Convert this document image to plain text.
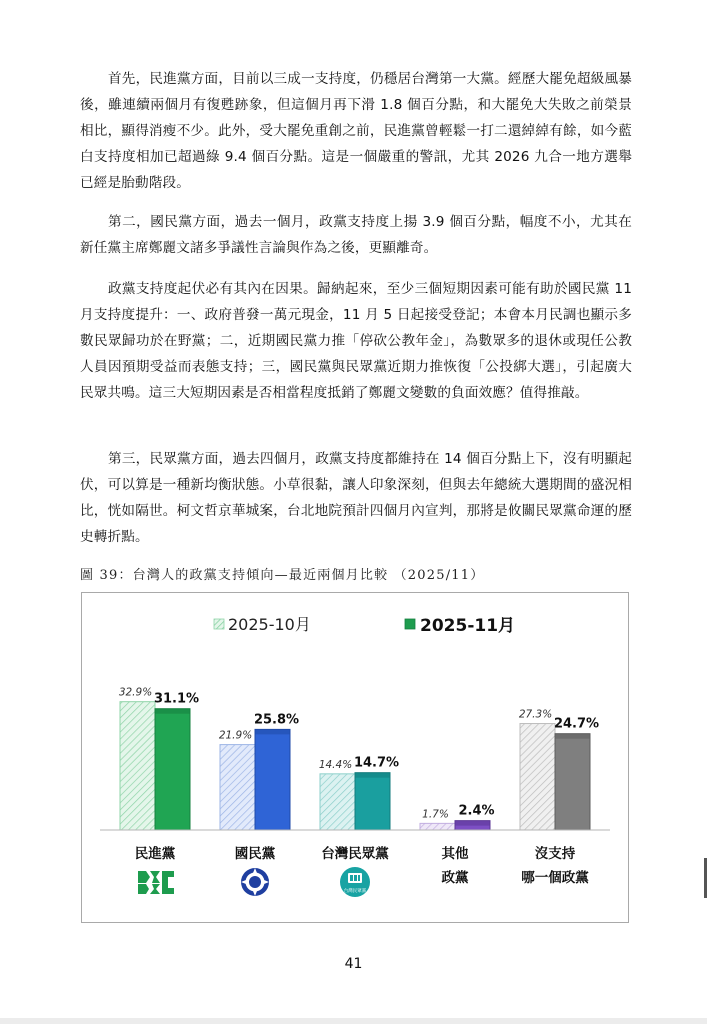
首先，民進黨方面，目前以三成一支持度，仍穩居台灣第一大黨。經歷大罷免超級風暴後，雖連續兩個月有復甦跡象，但這個月再下滑 1.8 個百分點，和大罷免大失敗之前榮景相比，顯得消瘦不少。此外，受大罷免重創之前，民進黨曾輕鬆一打二還綽綽有餘，如今藍白支持度相加已超過綠 9.4 個百分點。這是一個嚴重的警訊，尤其 2026 九合一地方選舉已經是胎動階段。
第二，國民黨方面，過去一個月，政黨支持度上揚 3.9 個百分點，幅度不小，尤其在新任黨主席鄭麗文諸多爭議性言論與作為之後，更顯離奇。
政黨支持度起伏必有其內在因果。歸納起來，至少三個短期因素可能有助於國民黨 11 月支持度提升：一、政府普發一萬元現金，11 月 5 日起接受登記；本會本月民調也顯示多數民眾歸功於在野黨；二，近期國民黨力推「停砍公教年金」，為數眾多的退休或現任公教人員因預期受益而表態支持；三，國民黨與民眾黨近期力推恢復「公投綁大選」，引起廣大民眾共鳴。這三大短期因素是否相當程度抵銷了鄭麗文變數的負面效應？值得推敲。
第三，民眾黨方面，過去四個月，政黨支持度都維持在 14 個百分點上下，沒有明顯起伏，可以算是一種新均衡狀態。小草很黏，讓人印象深刻，但與去年總統大選期間的盛況相比，恍如隔世。柯文哲京華城案，台北地院預計四個月內宣判，那將是攸關民眾黨命運的歷史轉折點。
圖 39：台灣人的政黨支持傾向—最近兩個月比較 （2025/11）
2025-10月	2025-11月
32.9% 31.1%
21.9%
25.8%
14.4% 14.7%
1.7% 2.4%
27.3%
24.7%
民進黨	國民黨	台灣民眾黨	其他
政黨
沒支持
哪一個政黨
台灣民眾黨
41
